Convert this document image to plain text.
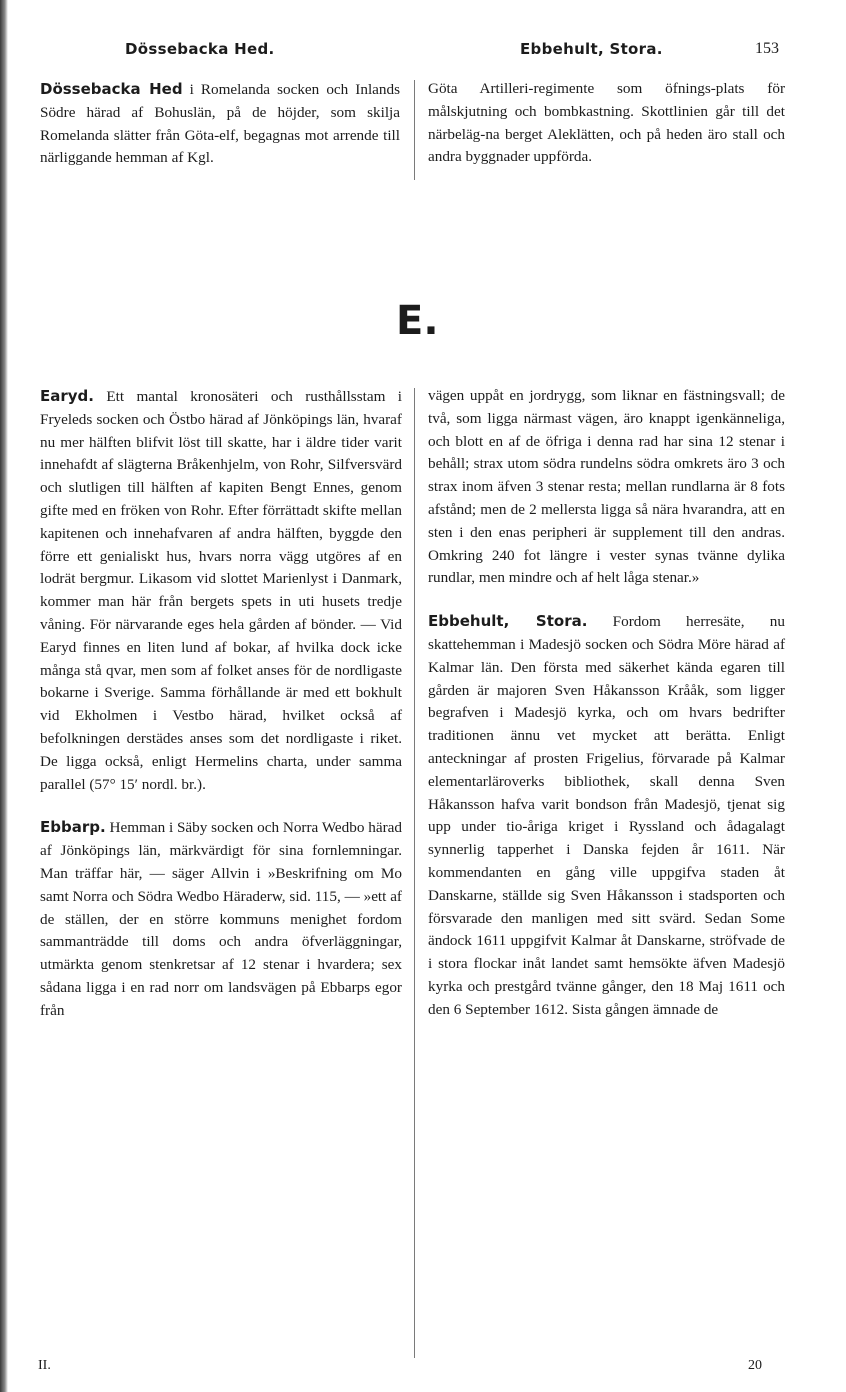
Dössebacka Hed.	Ebbehult, Stora.	153

Dössebacka Hed i Romelanda socken och Inlands Södre härad af Bohuslän, på de höjder, som skilja Romelanda slätter från Göta-elf, begagnas mot arrende till närliggande hemman af Kgl.

Göta Artilleri-regimente som öfnings-plats för målskjutning och bombkastning. Skottlinien går till det närbeläg-na berget Aleklätten, och på heden äro stall och andra byggnader uppförda.

E.

Earyd. Ett mantal kronosäteri och rusthållsstam i Fryeleds socken och Östbo härad af Jönköpings län, hvaraf nu mer hälften blifvit löst till skatte, har i äldre tider varit innehafdt af slägterna Bråkenhjelm, von Rohr, Silfversvärd och slutligen till hälften af kapiten Bengt Ennes, genom gifte med en fröken von Rohr. Efter förrättadt skifte mellan kapitenen och innehafvaren af andra hälften, byggde den förre ett genialiskt hus, hvars norra vägg utgöres af en lodrät bergmur. Likasom vid slottet Marienlyst i Danmark, kommer man här från bergets spets in uti husets tredje våning. För närvarande eges hela gården af bönder. — Vid Earyd finnes en liten lund af bokar, af hvilka dock icke många stå qvar, men som af folket anses för de nordligaste bokarne i Sverige. Samma förhållande är med ett bokhult vid Ekholmen i Vestbo härad, hvilket också af befolkningen derstädes anses som det nordligaste i riket. De ligga också, enligt Hermelins charta, under samma parallel (57° 15′ nordl. br.).

Ebbarp. Hemman i Säby socken och Norra Wedbo härad af Jönköpings län, märkvärdigt för sina fornlemningar. Man träffar här, — säger Allvin i »Beskrifning om Mo samt Norra och Södra Wedbo Häraderw, sid. 115, — »ett af de ställen, der en större kommuns menighet fordom sammanträdde till doms och andra öfverläggningar, utmärkta genom stenkretsar af 12 stenar i hvardera; sex sådana ligga i en rad norr om landsvägen på Ebbarps egor från

vägen uppåt en jordrygg, som liknar en fästningsvall; de två, som ligga närmast vägen, äro knappt igenkänneliga, och blott en af de öfriga i denna rad har sina 12 stenar i behåll; strax utom södra rundelns södra omkrets äro 3 och strax inom äfven 3 stenar resta; mellan rundlarna är 8 fots afstånd; men de 2 mellersta ligga så nära hvarandra, att en sten i den enas peripheri är supplement till den andras. Omkring 240 fot längre i vester synas tvänne dylika rundlar, men mindre och af helt låga stenar.»

Ebbehult, Stora. Fordom herresäte, nu skattehemman i Madesjö socken och Södra Möre härad af Kalmar län. Den första med säkerhet kända egaren till gården är majoren Sven Håkansson Krååk, som ligger begrafven i Madesjö kyrka, och om hvars bedrifter traditionen ännu vet mycket att berätta. Enligt anteckningar af prosten Frigelius, förvarade på Kalmar elementarläroverks bibliothek, skall denna Sven Håkansson hafva varit bondson från Madesjö, tjenat sig upp under tio-åriga kriget i Ryssland och ådagalagt synnerlig tapperhet i Danska fejden år 1611. När kommendanten en gång ville uppgifva staden åt Danskarne, ställde sig Sven Håkansson i stadsporten och försvarade den manligen med sitt svärd. Sedan Some ändock 1611 uppgifvit Kalmar åt Danskarne, ströfvade de i stora flockar inåt landet samt hemsökte äfven Madesjö kyrka och prestgård tvänne gånger, den 18 Maj 1611 och den 6 September 1612. Sista gången ämnade de

II.	20
